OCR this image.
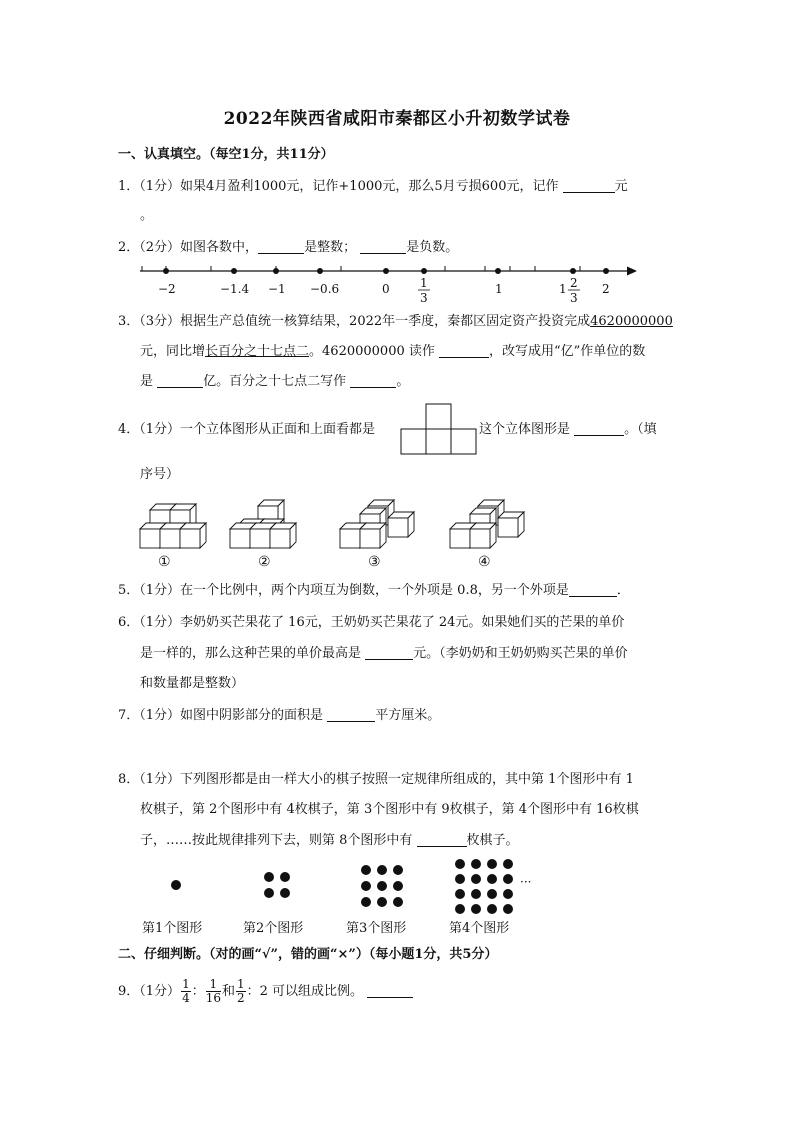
2022年陕西省咸阳市秦都区小升初数学试卷
一、认真填空。（每空1分，共11分）
1．（1分）如果4月盈利1000元，记作+1000元，那么5月亏损600元，记作	元
。
2．（2分）如图各数中，	是整数；	是负数。
−2	−1.4 −1 −0.6	0	1
3
1	1 2
3
2
3．（3分）根据生产总值统一核算结果，2022年一季度，秦都区固定资产投资完成4620000000
元，同比增长百分之十七点二。4620000000 读作	，改写成用“亿”作单位的数
是	亿。百分之十七点二写作	。
4．（1分）一个立体图形从正面和上面看都是	这个立体图形是	。（填
序号）
①	②	③	④
5．（1分）在一个比例中，两个内项互为倒数，一个外项是 0.8，另一个外项是	．
6．（1分）李奶奶买芒果花了 16元，王奶奶买芒果花了 24元。如果她们买的芒果的单价
是一样的，那么这种芒果的单价最高是	元。（李奶奶和王奶奶购买芒果的单价
和数量都是整数）
7．（1分）如图中阴影部分的面积是	平方厘米。
8．（1分）下列图形都是由一样大小的棋子按照一定规律所组成的，其中第 1个图形中有 1
枚棋子，第 2个图形中有 4枚棋子，第 3个图形中有 9枚棋子，第 4个图形中有 16枚棋
子，……按此规律排列下去，则第 8个图形中有	枚棋子。
···
第1个图形	第2个图形	第3个图形	第4个图形
二、仔细判断。（对的画“√”，错的画“×”）（每小题1分，共5分）
9．（1分） $\frac{1}{4}$ ： $\frac{1}{16}$ 和 $\frac{1}{2}$ ：2 可以组成比例。
